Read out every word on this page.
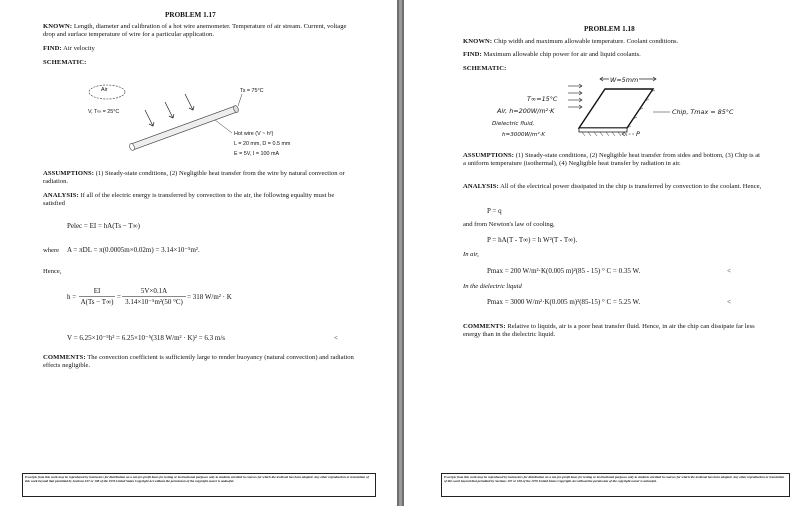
PROBLEM 1.17
KNOWN: Length, diameter and calibration of a hot wire anemometer. Temperature of air stream. Current, voltage drop and surface temperature of wire for a particular application.
FIND: Air velocity
SCHEMATIC:
Air
V, T∞ = 25°C
Ts = 75°C
Hot wire (V ~ h²)
L = 20 mm, D = 0.5 mm
E = 5V, I = 100 mA
ASSUMPTIONS: (1) Steady-state conditions, (2) Negligible heat transfer from the wire by natural convection or radiation.
ANALYSIS: If all of the electric energy is transferred by convection to the air, the following equality must be satisfied
Pelec = EI = hA(Ts − T∞)
where A = πDL = π(0.0005m×0.02m) = 3.14×10⁻⁵m².
Hence,
h =
EI
A(Ts − T∞)
=
5V×0.1A
3.14×10⁻⁵m²(50 °C)
= 318 W/m² · K
V = 6.25×10⁻⁵h² = 6.25×10⁻⁵(318 W/m² · K)² = 6.3 m/s	<
COMMENTS: The convection coefficient is sufficiently large to render buoyancy (natural convection) and radiation effects negligible.
Excerpts from this work may be reproduced by instructors for distribution on a not-for-profit basis for testing or instructional purposes only to students enrolled in courses for which the textbook has been adopted. Any other reproduction or translation of this work beyond that permitted by Sections 107 or 108 of the 1976 United States Copyright Act without the permission of the copyright owner is unlawful.
PROBLEM 1.18
KNOWN: Chip width and maximum allowable temperature. Coolant conditions.
FIND: Maximum allowable chip power for air and liquid coolants.
SCHEMATIC:
W=5mm
T∞=15°C
Air, h=200W/m²·K
Dielectric fluid,
h=3000W/m²·K
Chip, Tmax = 85°C
P
ASSUMPTIONS: (1) Steady-state conditions, (2) Negligible heat transfer from sides and bottom, (3) Chip is at a uniform temperature (isothermal), (4) Negligible heat transfer by radiation in air.
ANALYSIS: All of the electrical power dissipated in the chip is transferred by convection to the coolant. Hence,
P = q
and from Newton's law of cooling,
P = hA(T - T∞) = h W²(T - T∞).
In air,
Pmax = 200 W/m²·K(0.005 m)²(85 - 15) ° C = 0.35 W.	<
In the dielectric liquid
Pmax = 3000 W/m²·K(0.005 m)²(85-15) ° C = 5.25 W.	<
COMMENTS: Relative to liquids, air is a poor heat transfer fluid. Hence, in air the chip can dissipate far less energy than in the dielectric liquid.
Excerpts from this work may be reproduced by instructors for distribution on a not-for-profit basis for testing or instructional purposes only to students enrolled in courses for which the textbook has been adopted. Any other reproduction or translation of this work beyond that permitted by Sections 107 or 108 of the 1976 United States Copyright Act without the permission of the copyright owner is unlawful.
